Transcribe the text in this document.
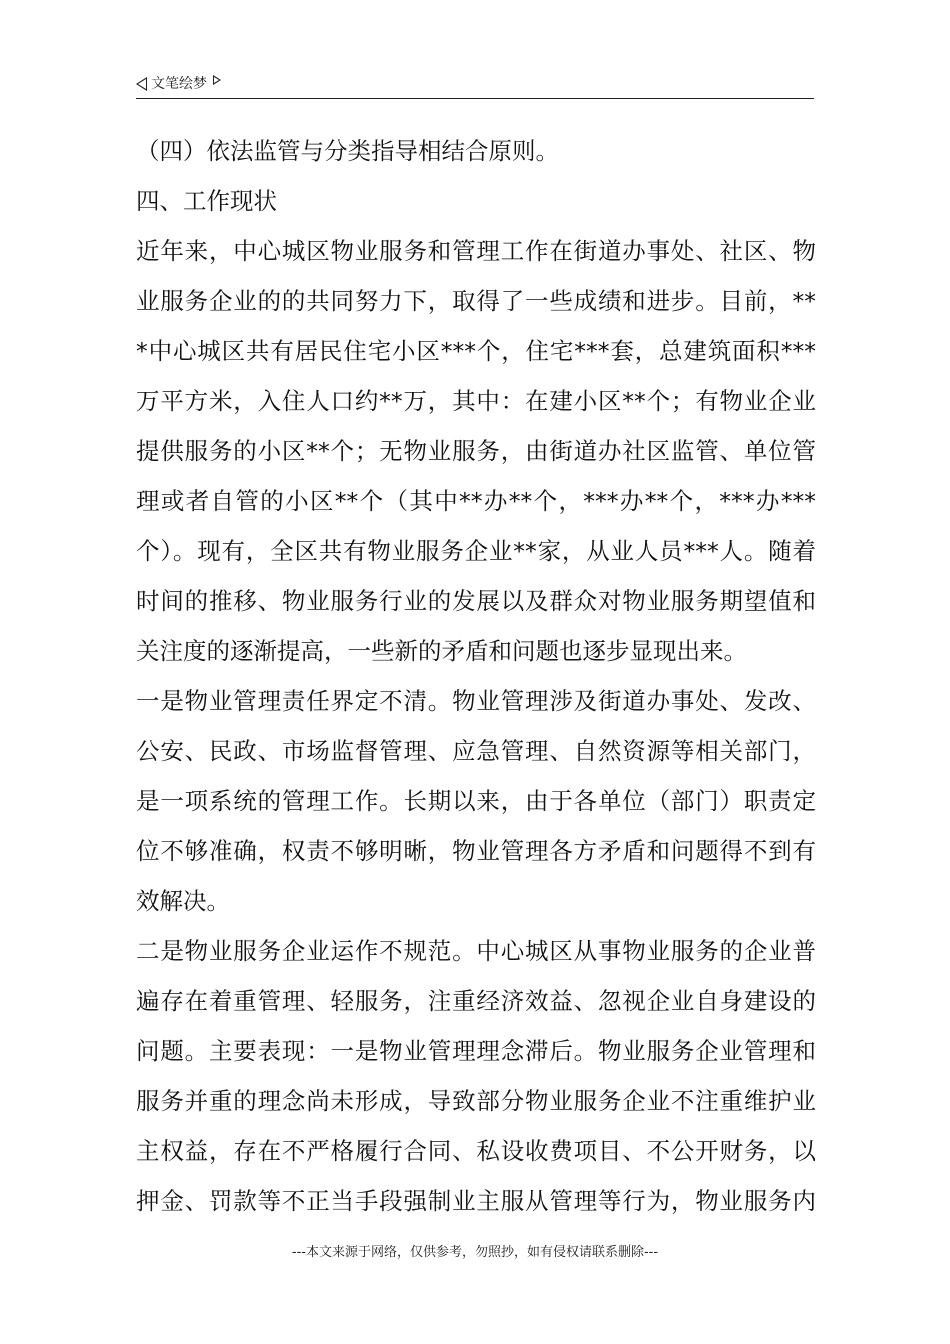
文笔绘梦
（四）依法监管与分类指导相结合原则。
四、工作现状
近年来，中心城区物业服务和管理工作在街道办事处、社区、物
业服务企业的的共同努力下，取得了一些成绩和进步。目前，**
*中心城区共有居民住宅小区***个，住宅***套，总建筑面积***
万平方米，入住人口约**万，其中：在建小区**个；有物业企业
提供服务的小区**个；无物业服务，由街道办社区监管、单位管
理或者自管的小区**个（其中**办**个，***办**个，***办***
个）。现有，全区共有物业服务企业**家，从业人员***人。随着
时间的推移、物业服务行业的发展以及群众对物业服务期望值和
关注度的逐渐提高，一些新的矛盾和问题也逐步显现出来。
一是物业管理责任界定不清。物业管理涉及街道办事处、发改、
公安、民政、市场监督管理、应急管理、自然资源等相关部门，
是一项系统的管理工作。长期以来，由于各单位（部门）职责定
位不够准确，权责不够明晰，物业管理各方矛盾和问题得不到有
效解决。
二是物业服务企业运作不规范。中心城区从事物业服务的企业普
遍存在着重管理、轻服务，注重经济效益、忽视企业自身建设的
问题。主要表现：一是物业管理理念滞后。物业服务企业管理和
服务并重的理念尚未形成，导致部分物业服务企业不注重维护业
主权益，存在不严格履行合同、私设收费项目、不公开财务，以
押金、罚款等不正当手段强制业主服从管理等行为，物业服务内
---本文来源于网络，仅供参考，勿照抄，如有侵权请联系删除---
